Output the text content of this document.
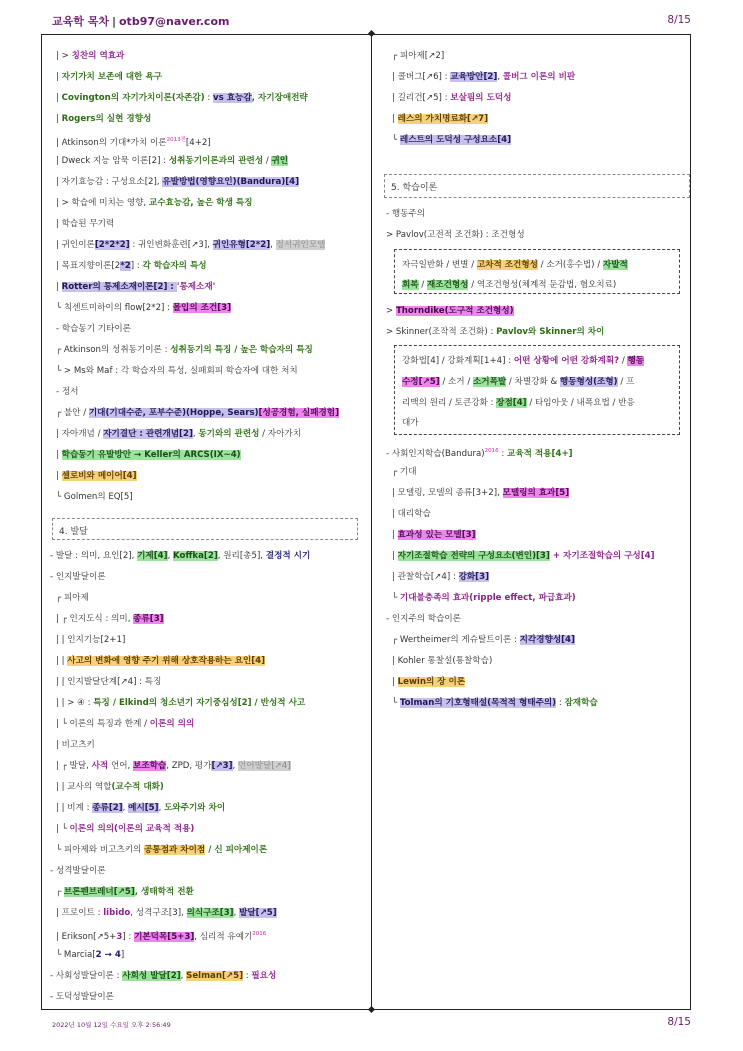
교육학 목차 | otb97@naver.com	8/15
| > 칭찬의 역효과
| 자기가치 보존에 대한 욕구
| Covington의 자기가치이론(자존감) : vs 효능감, 자기장애전략
| Rogers의 실현 경향성
| Atkinson의 기대*가치 이론$^{2013전}$[4+2]
| Dweck 지능 암묵 이론[2] : 성취동기이론과의 관련성 / 귀인
| 자기효능감 : 구성요소[2], 유발방법(영향요인)(Bandura)[4]
| > 학습에 미치는 영향, 교수효능감, 높은 학생 특징
| 학습된 무기력
| 귀인이론[2*2*2] : 귀인변화훈련[↗3], 귀인유형[2*2], 정서귀인모델
| 목표지향이론[2*2] : 각 학습자의 특성
| Rotter의 통제소재이론[2] : '통제소재'
└ 칙센트미하이의 flow[2*2] : 몰입의 조건[3]
- 학습동기 기타이론
┌ Atkinson의 성취동기이론 : 성취동기의 특징 / 높은 학습자의 특징
└ > Ms와 Maf : 각 학습자의 특성, 실패회피 학습자에 대한 처치
- 정서
┌ 불안 / 기대(기대수준, 포부수준)(Hoppe, Sears)[성공경험, 실패경험]
| 자아개념 / 자기결단 : 관련개념[2], 동기와의 관련성 / 자아가치
| 학습동기 유발방안 → Keller의 ARCS(IX~4)
| 셀로비와 메이어[4]
└ Golmen의 EQ[5]
4. 발달
- 발달 : 의미, 요인[2], 기제[4], Koffka[2], 원리[총5], 결정적 시기
- 인지발달이론
┌ 피아제
| ┌ 인지도식 : 의미, 종류[3]
| | 인지기능[2+1]
| | 사고의 변화에 영향 주기 위해 상호작용하는 요인[4]
| | 인지발달단계[↗4] : 특징
| | > ④ : 특징 / Elkind의 청소년기 자기중심성[2] / 반성적 사고
| └ 이론의 특징과 한계 / 이론의 의의
| 비고츠키
| ┌ 발달, 사적 언어, 보조학습, ZPD, 평가[↗3], 언어발달[↗4]
| | 교사의 역할(교수적 대화)
| | 비계 : 종류[2], 예시[5], 도와주기와 차이
| └ 이론의 의의(이론의 교육적 적용)
└ 피아제와 비고츠키의 공통점과 차이점 / 신 피아제이론
- 성격발달이론
┌ 브론펜브레너[↗5], 생태학적 전환
| 프로이트 : libido, 성격구조[3], 의식구조[3], 발달[↗5]
| Erikson[↗5+3] : 기본덕목[5+3], 심리적 유예기$^{2016}$
└ Marcia[2 → 4]
- 사회성발달이론 : 사회성 발달[2], Selman[↗5] : 필요성
- 도덕성발달이론
┌ 피아제[↗2]
| 콜버그[↗6] : 교육방안[2], 콜버그 이론의 비판
| 길리건[↗5] : 보살핌의 도덕성
| 레스의 가치명료화[↗7]
└ 레스트의 도덕성 구성요소[4]
5. 학습이론
- 행동주의
> Pavlov(고전적 조건화) : 조건형성
자극일반화 / 변별 / 고차적 조건형성 / 소거(홍수법) / 자발적
회복 / 재조건형성 / 역조건형성(체계적 둔감법, 혐오치료)
> Thorndike(도구적 조건형성)
> Skinner(조작적 조건화) : Pavlov와 Skinner의 차이
강화법[4] / 강화계획[1+4] : 어떤 상황에 어떤 강화계획? / 행동
수정[↗5] / 소거 / 소거폭발 / 차별강화 & 행동형성(조형) / 프
리맥의 원리 / 토큰강화 : 장점[4] / 타임아웃 / 내폭요법 / 반응
대가
- 사회인지학습(Bandura)$^{2016}$ : 교육적 적용[4+]
┌ 기대
| 모델링, 모델의 종류[3+2], 모델링의 효과[5]
| 대리학습
| 효과성 있는 모델[3]
| 자기조절학습 전략의 구성요소(변인)[3] + 자기조절학습의 구성[4]
| 관찰학습[↗4] : 강화[3]
└ 기대불충족의 효과(ripple effect, 파급효과)
- 인지주의 학습이론
┌ Wertheimer의 게슈탈트이론 : 지각경향성[4]
| Kohler 통찰설(통찰학습)
| Lewin의 장 이론
└ Tolman의 기호형태설(목적적 형태주의) : 잠재학습
2022년 10월 12일 수요일 오후 2:56:49	8/15
